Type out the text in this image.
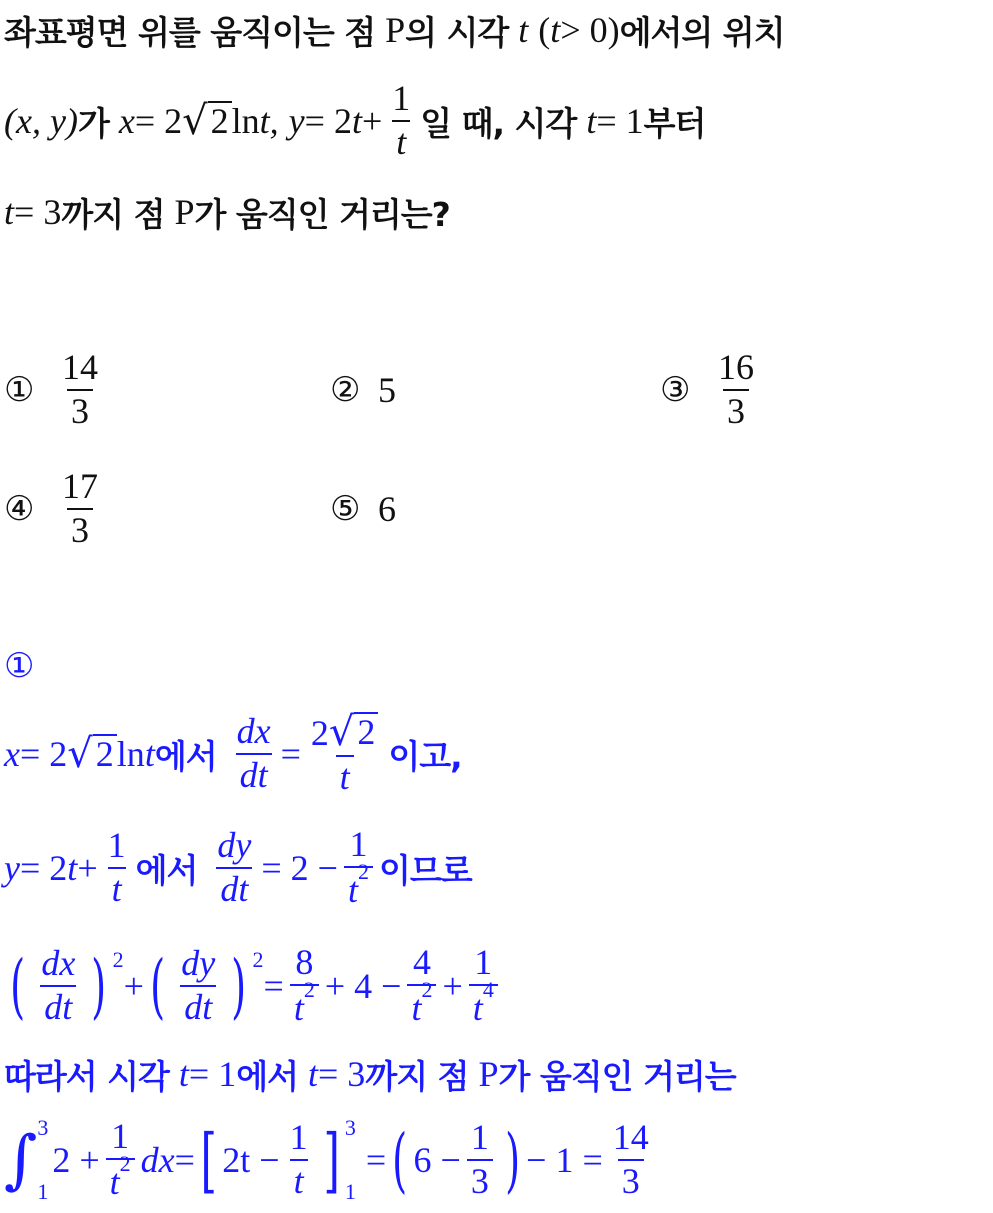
좌표평면 위를 움직이는 점 P 의 시각 t ( t > 0 ) 에서의 위치
(x, y) 가 x = 2 √ 2 ln t, y = 2 $t + \frac{1}{t}$ 일 때, 시각 t = 1 부터
t = 3 까지 점 P 가 움직인 거리는?
① $\frac{14}{3}$	② 5	③ $\frac{16}{3}$
④ $\frac{17}{3}$	⑤ 6
①
x = 2 √ 2 ln t 에서 $\frac{dx}{dt} = \frac{2 √ 2}{t}$ 이고,
y = 2 $t + \frac{1}{t}$ 에서 $\frac{dy}{dt} = 2 - \frac{1}{t^2}$ 이므로
( $\frac{dx}{dt}$ ) 2
+ ( $\frac{dy}{dt}$ ) 2
= $\frac{8}{t^2} + 4 - \frac{4}{t^2} + \frac{1}{t^4}$
따라서 시각 t = 1 에서 t = 3 까지 점 P 가 움직인 거리는
∫ 3
1
$2 + \frac{1}{t^2}$ dx = [ $2t - \frac{1}{t}$ ] 3
1
= ( $6 - \frac{1}{3}$ ) − $1 = \frac{14}{3}$
